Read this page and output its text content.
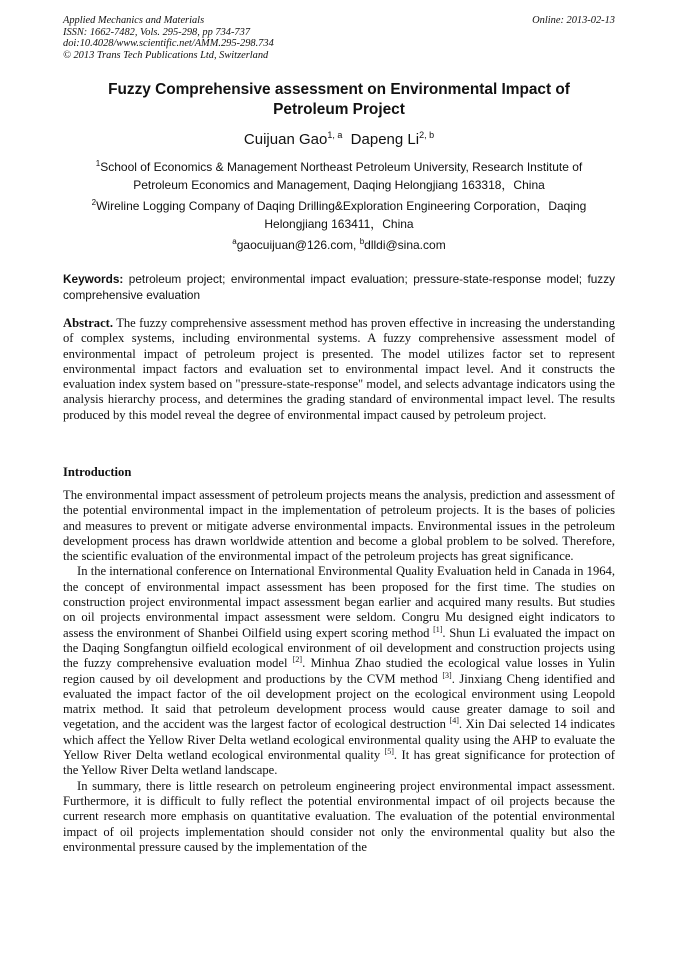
Applied Mechanics and Materials
ISSN: 1662-7482, Vols. 295-298, pp 734-737
doi:10.4028/www.scientific.net/AMM.295-298.734
© 2013 Trans Tech Publications Ltd, Switzerland
Online: 2013-02-13
Fuzzy Comprehensive assessment on Environmental Impact of
Petroleum Project
Cuijuan Gao$^{1, a}$ Dapeng Li$^{2, b}$
$^1$School of Economics & Management Northeast Petroleum University, Research Institute of
Petroleum Economics and Management, Daqing Helongjiang 163318，China
$^2$Wireline Logging Company of Daqing Drilling&Exploration Engineering Corporation，Daqing
Helongjiang 163411，China
$^a$gaocuijuan@126.com, $^b$dlldi@sina.com
Keywords: petroleum project; environmental impact evaluation; pressure-state-response model; fuzzy comprehensive evaluation
Abstract. The fuzzy comprehensive assessment method has proven effective in increasing the understanding of complex systems, including environmental systems. A fuzzy comprehensive assessment model of environmental impact of petroleum project is presented. The model utilizes factor set to represent environmental impact factors and evaluation set to environmental impact level. And it constructs the evaluation index system based on "pressure-state-response" model, and selects advantage indicators using the analysis hierarchy process, and determines the grading standard of environmental impact level. The results produced by this model reveal the degree of environmental impact caused by petroleum project.
Introduction

The environmental impact assessment of petroleum projects means the analysis, prediction and assessment of the potential environmental impact in the implementation of petroleum projects. It is the bases of policies and measures to prevent or mitigate adverse environmental impacts. Environmental issues in the petroleum development process has drawn worldwide attention and become a global problem to be solved. Therefore, the scientific evaluation of the environmental impact of the petroleum projects has great significance.

In the international conference on International Environmental Quality Evaluation held in Canada in 1964, the concept of environmental impact assessment has been proposed for the first time. The studies on construction project environmental impact assessment began earlier and acquired many results. But studies on oil projects environmental impact assessment were seldom. Congru Mu designed eight indicators to assess the environment of Shanbei Oilfield using expert scoring method [1]. Shun Li evaluated the impact on the Daqing Songfangtun oilfield ecological environment of oil development and construction projects using the fuzzy comprehensive evaluation model [2]. Minhua Zhao studied the ecological value losses in Yulin region caused by oil development and productions by the CVM method [3]. Jinxiang Cheng identified and evaluated the impact factor of the oil development project on the ecological environment using Leopold matrix method. It said that petroleum development process would cause greater damage to soil and vegetation, and the accident was the largest factor of ecological destruction [4]. Xin Dai selected 14 indicates which affect the Yellow River Delta wetland ecological environmental quality using the AHP to evaluate the Yellow River Delta wetland ecological environmental quality [5]. It has great significance for protection of the Yellow River Delta wetland landscape.

In summary, there is little research on petroleum engineering project environmental impact assessment. Furthermore, it is difficult to fully reflect the potential environmental impact of oil projects because the current research more emphasis on quantitative evaluation. The evaluation of the potential environmental impact of oil projects implementation should consider not only the environmental quality but also the environmental pressure caused by the implementation of the
